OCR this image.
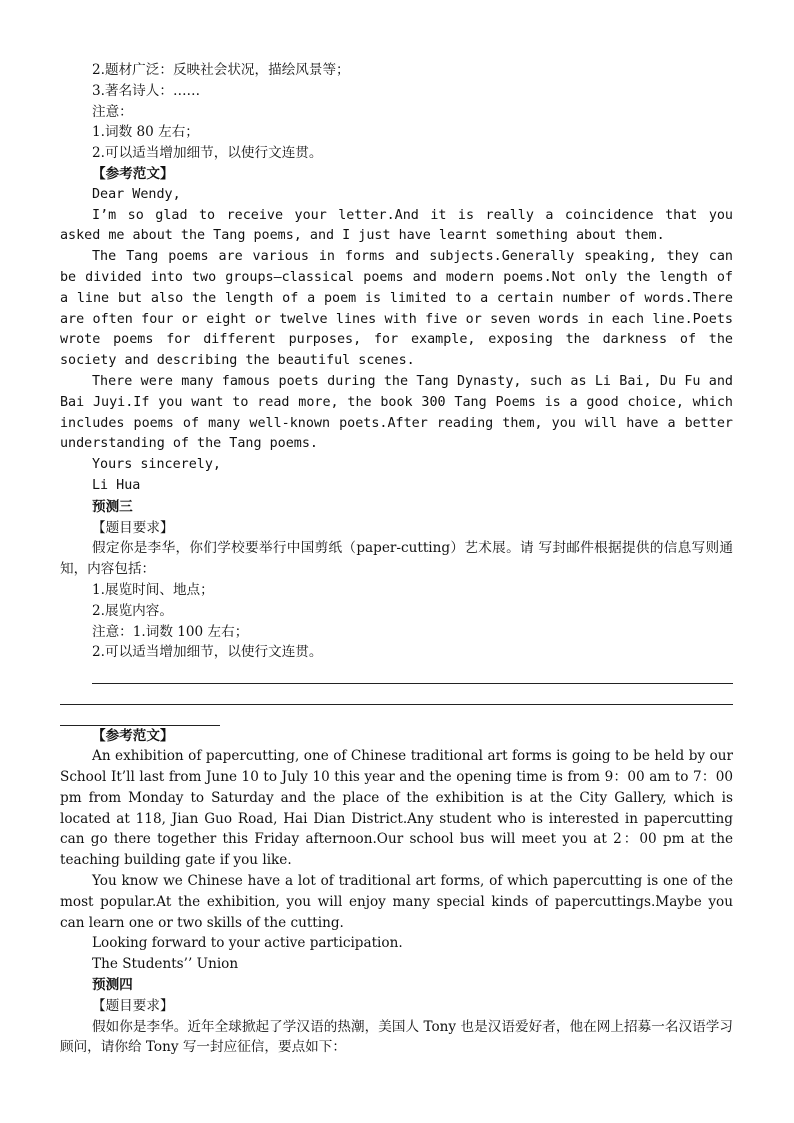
2.题材广泛：反映社会状况，描绘风景等；

3.著名诗人：……

注意：

1.词数 80 左右；

2.可以适当增加细节，以使行文连贯。

【参考范文】

Dear Wendy,

I’m so glad to receive your letter.And it is really a coincidence that you asked me about the Tang poems, and I just have learnt something about them.

The Tang poems are various in forms and subjects.Generally speaking, they can be divided into two groups—classical poems and modern poems.Not only the length of a line but also the length of a poem is limited to a certain number of words.There are often four or eight or twelve lines with five or seven words in each line.Poets wrote poems for different purposes, for example, exposing the darkness of the society and describing the beautiful scenes.

There were many famous poets during the Tang Dynasty, such as Li Bai, Du Fu and Bai Juyi.If you want to read more, the book 300 Tang Poems is a good choice, which includes poems of many well-known poets.After reading them, you will have a better understanding of the Tang poems.

Yours sincerely,

Li Hua

预测三

【题目要求】

假定你是李华，你们学校要举行中国剪纸（paper-cutting）艺术展。请 写封邮件根据提供的信息写则通知，内容包括：

1.展览时间、地点；

2.展览内容。

注意：1.词数 100 左右；

2.可以适当增加细节，以使行文连贯。

【参考范文】

An exhibition of papercutting, one of Chinese traditional art forms is going to be held by our School It’ll last from June 10 to July 10 this year and the opening time is from 9：00 am to 7：00 pm from Monday to Saturday and the place of the exhibition is at the City Gallery, which is located at 118, Jian Guo Road, Hai Dian District.Any student who is interested in papercutting can go there together this Friday afternoon.Our school bus will meet you at 2：00 pm at the teaching building gate if you like.

You know we Chinese have a lot of traditional art forms, of which papercutting is one of the most popular.At the exhibition, you will enjoy many special kinds of papercuttings.Maybe you can learn one or two skills of the cutting.

Looking forward to your active participation.

The Students’’ Union

预测四

【题目要求】

假如你是李华。近年全球掀起了学汉语的热潮，美国人 Tony 也是汉语爱好者，他在网上招募一名汉语学习顾问，请你给 Tony 写一封应征信，要点如下：
